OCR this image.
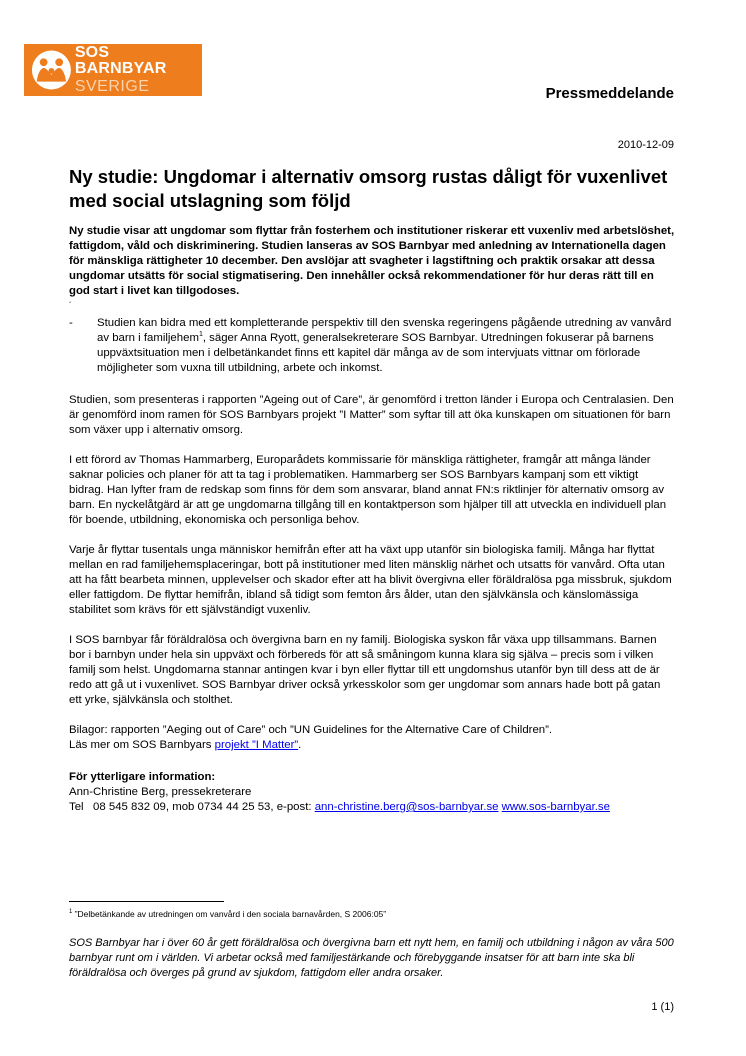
SOS BARNBYAR
SVERIGE	Pressmeddelande
2010-12-09
Ny studie: Ungdomar i alternativ omsorg rustas dåligt för vuxenlivet med social utslagning som följd

Ny studie visar att ungdomar som flyttar från fosterhem och institutioner riskerar ett vuxenliv med arbetslöshet, fattigdom, våld och diskriminering. Studien lanseras av SOS Barnbyar med anledning av Internationella dagen för mänskliga rättigheter 10 december. Den avslöjar att svagheter i lagstiftning och praktik orsakar att dessa ungdomar utsätts för social stigmatisering. Den innehåller också rekommendationer för hur deras rätt till en god start i livet kan tillgodoses.

´
-	Studien kan bidra med ett kompletterande perspektiv till den svenska regeringens pågående utredning av vanvård av barn i familjehem$^1$, säger Anna Ryott, generalsekreterare SOS Barnbyar. Utredningen fokuserar på barnens uppväxtsituation men i delbetänkandet finns ett kapitel där många av de som intervjuats vittnar om förlorade möjligheter som vuxna till utbildning, arbete och inkomst.

Studien, som presenteras i rapporten ”Ageing out of Care”, är genomförd i tretton länder i Europa och Centralasien. Den är genomförd inom ramen för SOS Barnbyars projekt ”I Matter” som syftar till att öka kunskapen om situationen för barn som växer upp i alternativ omsorg.

I ett förord av Thomas Hammarberg, Europarådets kommissarie för mänskliga rättigheter, framgår att många länder saknar policies och planer för att ta tag i problematiken. Hammarberg ser SOS Barnbyars kampanj som ett viktigt bidrag. Han lyfter fram de redskap som finns för dem som ansvarar, bland annat FN:s riktlinjer för alternativ omsorg av barn. En nyckelåtgärd är att ge ungdomarna tillgång till en kontaktperson som hjälper till att utveckla en individuell plan för boende, utbildning, ekonomiska och personliga behov.

Varje år flyttar tusentals unga människor hemifrån efter att ha växt upp utanför sin biologiska familj. Många har flyttat mellan en rad familjehemsplaceringar, bott på institutioner med liten mänsklig närhet och utsatts för vanvård. Ofta utan att ha fått bearbeta minnen, upplevelser och skador efter att ha blivit övergivna eller föräldralösa pga missbruk, sjukdom eller fattigdom. De flyttar hemifrån, ibland så tidigt som femton års ålder, utan den självkänsla och känslomässiga stabilitet som krävs för ett självständigt vuxenliv.

I SOS barnbyar får föräldralösa och övergivna barn en ny familj. Biologiska syskon får växa upp tillsammans. Barnen bor i barnbyn under hela sin uppväxt och förbereds för att så småningom kunna klara sig själva – precis som i vilken familj som helst. Ungdomarna stannar antingen kvar i byn eller flyttar till ett ungdomshus utanför byn till dess att de är redo att gå ut i vuxenlivet. SOS Barnbyar driver också yrkesskolor som ger ungdomar som annars hade bott på gatan ett yrke, självkänsla och stolthet.

Bilagor: rapporten ”Aeging out of Care” och ”UN Guidelines for the Alternative Care of Children”.
Läs mer om SOS Barnbyars projekt ”I Matter”.
För ytterligare information:
Ann-Christine Berg, pressekreterare
Tel   08 545 832 09, mob 0734 44 25 53, e-post: ann-christine.berg@sos-barnbyar.se www.sos-barnbyar.se
$^1$ ”Delbetänkande av utredningen om vanvård i den sociala barnavården, S 2006:05”
SOS Barnbyar har i över 60 år gett föräldralösa och övergivna barn ett nytt hem, en familj och utbildning i någon av våra 500 barnbyar runt om i världen. Vi arbetar också med familjestärkande och förebyggande insatser för att barn inte ska bli föräldralösa och överges på grund av sjukdom, fattigdom eller andra orsaker.
1 (1)
